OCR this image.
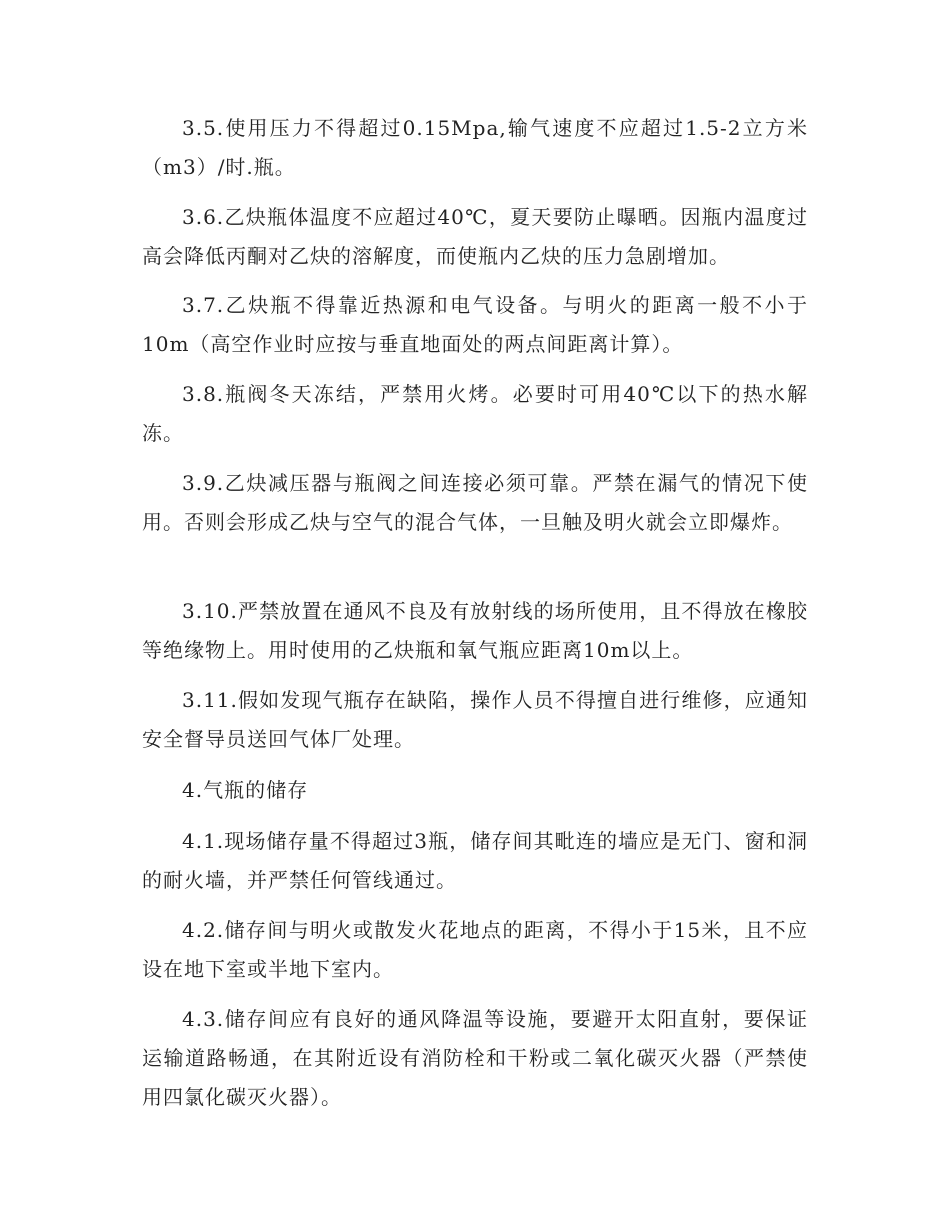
3.5.使用压力不得超过0.15Mpa,输气速度不应超过1.5-2立方米（m3）/时.瓶。

3.6.乙炔瓶体温度不应超过40℃，夏天要防止曝晒。因瓶内温度过高会降低丙酮对乙炔的溶解度，而使瓶内乙炔的压力急剧增加。

3.7.乙炔瓶不得靠近热源和电气设备。与明火的距离一般不小于10m（高空作业时应按与垂直地面处的两点间距离计算）。

3.8.瓶阀冬天冻结，严禁用火烤。必要时可用40℃以下的热水解冻。

3.9.乙炔减压器与瓶阀之间连接必须可靠。严禁在漏气的情况下使用。否则会形成乙炔与空气的混合气体，一旦触及明火就会立即爆炸。

3.10.严禁放置在通风不良及有放射线的场所使用，且不得放在橡胶等绝缘物上。用时使用的乙炔瓶和氧气瓶应距离10m以上。

3.11.假如发现气瓶存在缺陷，操作人员不得擅自进行维修，应通知安全督导员送回气体厂处理。

4.气瓶的储存

4.1.现场储存量不得超过3瓶，储存间其毗连的墙应是无门、窗和洞的耐火墙，并严禁任何管线通过。

4.2.储存间与明火或散发火花地点的距离，不得小于15米，且不应设在地下室或半地下室内。

4.3.储存间应有良好的通风降温等设施，要避开太阳直射，要保证运输道路畅通，在其附近设有消防栓和干粉或二氧化碳灭火器（严禁使用四氯化碳灭火器）。
